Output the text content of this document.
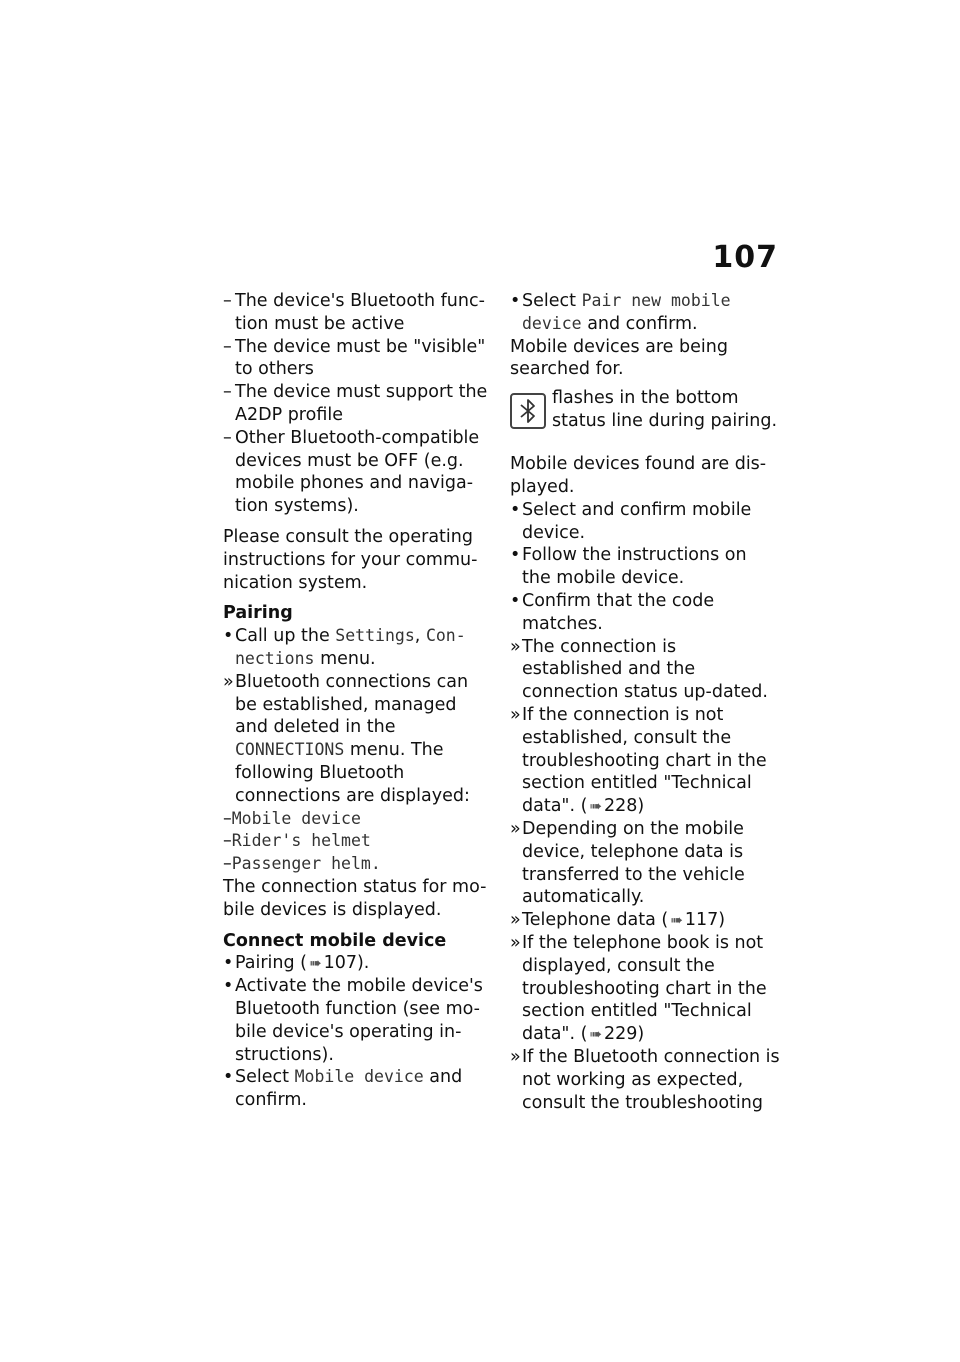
107
– The device's Bluetooth func-tion must be active
– The device must be "visible" to others
– The device must support the A2DP profile
– Other Bluetooth-compatible devices must be OFF (e.g. mobile phones and naviga-tion systems).
Please consult the operating instructions for your commu-nication system.
Pairing
• Call up the Settings, Con-nections menu.
» Bluetooth connections can be established, managed and deleted in the CONNECTIONS menu. The following Bluetooth connections are displayed:
–Mobile device
–Rider's helmet
–Passenger helm.
The connection status for mo-bile devices is displayed.
Connect mobile device
• Pairing ( ➠ 107).
• Activate the mobile device's Bluetooth function (see mo-bile device's operating in-structions).
• Select Mobile device and confirm.
• Select Pair new mobile device and confirm.
Mobile devices are being searched for.
flashes in the bottom status line during pairing.
Mobile devices found are dis-played.
• Select and confirm mobile device.
• Follow the instructions on the mobile device.
• Confirm that the code matches.
» The connection is established and the connection status up-dated.
» If the connection is not established, consult the troubleshooting chart in the section entitled "Technical data". ( ➠ 228)
» Depending on the mobile device, telephone data is transferred to the vehicle automatically.
» Telephone data ( ➠ 117)
» If the telephone book is not displayed, consult the troubleshooting chart in the section entitled "Technical data". ( ➠ 229)
» If the Bluetooth connection is not working as expected, consult the troubleshooting
